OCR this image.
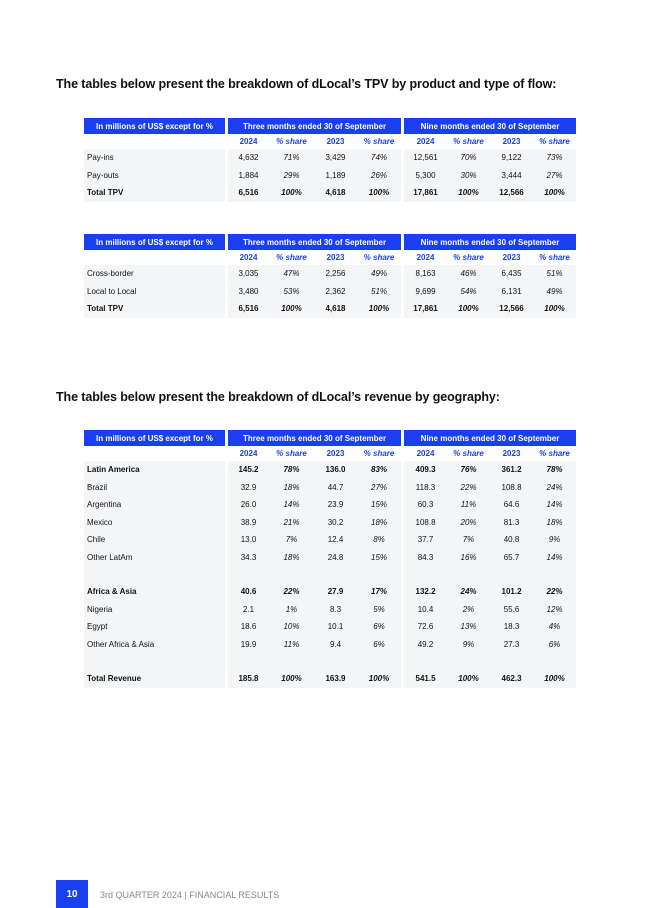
The tables below present the breakdown of dLocal’s TPV by product and type of flow:
In millions of US$ except for %		Three months ended 30 of September					Nine months ended 30 of September			
		2024	% share	2023	% share		2024	% share	2023	% share
Pay-ins		4,632	71%	3,429	74%		12,561	70%	9,122	73%
Pay-outs		1,884	29%	1,189	26%		5,300	30%	3,444	27%
Total TPV		6,516	100%	4,618	100%		17,861	100%	12,566	100%
In millions of US$ except for %		Three months ended 30 of September					Nine months ended 30 of September			
		2024	% share	2023	% share		2024	% share	2023	% share
Cross-border		3,035	47%	2,256	49%		8,163	46%	6,435	51%
Local to Local		3,480	53%	2,362	51%		9,699	54%	6,131	49%
Total TPV		6,516	100%	4,618	100%		17,861	100%	12,566	100%
The tables below present the breakdown of dLocal’s revenue by geography:
In millions of US$ except for %		Three months ended 30 of September					Nine months ended 30 of September			
		2024	% share	2023	% share		2024	% share	2023	% share
Latin America		145.2	78%	136.0	83%		409.3	76%	361.2	78%
Brazil		32.9	18%	44.7	27%		118.3	22%	108.8	24%
Argentina		26.0	14%	23.9	15%		60.3	11%	64.6	14%
Mexico		38.9	21%	30.2	18%		108.8	20%	81.3	18%
Chile		13.0	7%	12.4	8%		37.7	7%	40.8	9%
Other LatAm		34.3	18%	24.8	15%		84.3	16%	65.7	14%

Africa & Asia		40.6	22%	27.9	17%		132.2	24%	101.2	22%
Nigeria		2.1	1%	8.3	5%		10.4	2%	55.6	12%
Egypt		18.6	10%	10.1	6%		72.6	13%	18.3	4%
Other Africa & Asia		19.9	11%	9.4	6%		49.2	9%	27.3	6%

Total Revenue		185.8	100%	163.9	100%		541.5	100%	462.3	100%
10	3rd QUARTER 2024 | FINANCIAL RESULTS
